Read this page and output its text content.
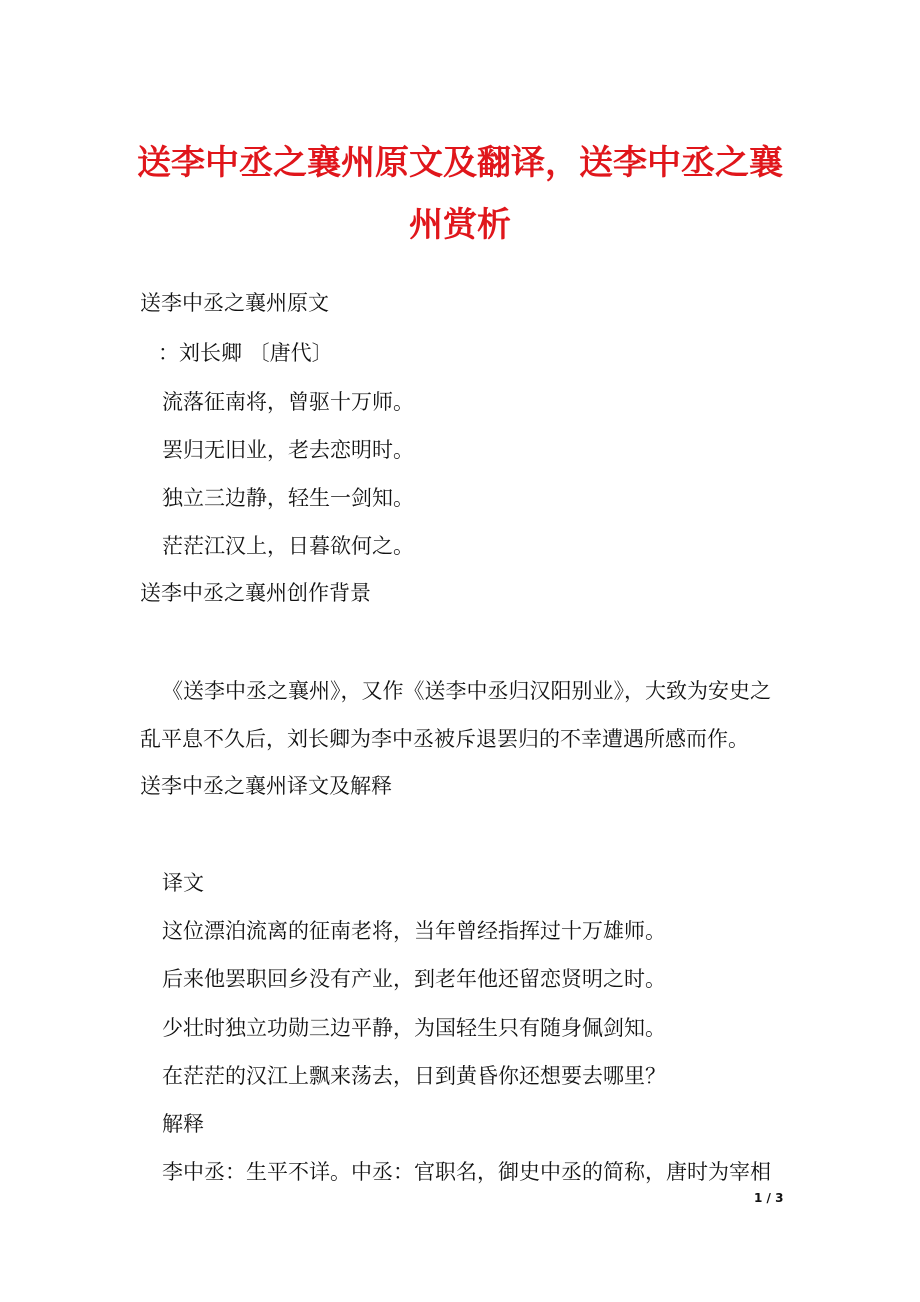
送李中丞之襄州原文及翻译，送李中丞之襄
州赏析

送李中丞之襄州原文

：刘长卿 〔唐代〕

流落征南将，曾驱十万师。

罢归无旧业，老去恋明时。

独立三边静，轻生一剑知。

茫茫江汉上，日暮欲何之。

送李中丞之襄州创作背景

《送李中丞之襄州》，又作《送李中丞归汉阳别业》，大致为安史之

乱平息不久后，刘长卿为李中丞被斥退罢归的不幸遭遇所感而作。

送李中丞之襄州译文及解释

译文

这位漂泊流离的征南老将，当年曾经指挥过十万雄师。

后来他罢职回乡没有产业，到老年他还留恋贤明之时。

少壮时独立功勋三边平静，为国轻生只有随身佩剑知。

在茫茫的汉江上飘来荡去，日到黄昏你还想要去哪里？

解释

李中丞：生平不详。中丞：官职名，御史中丞的简称，唐时为宰相

1 / 3
